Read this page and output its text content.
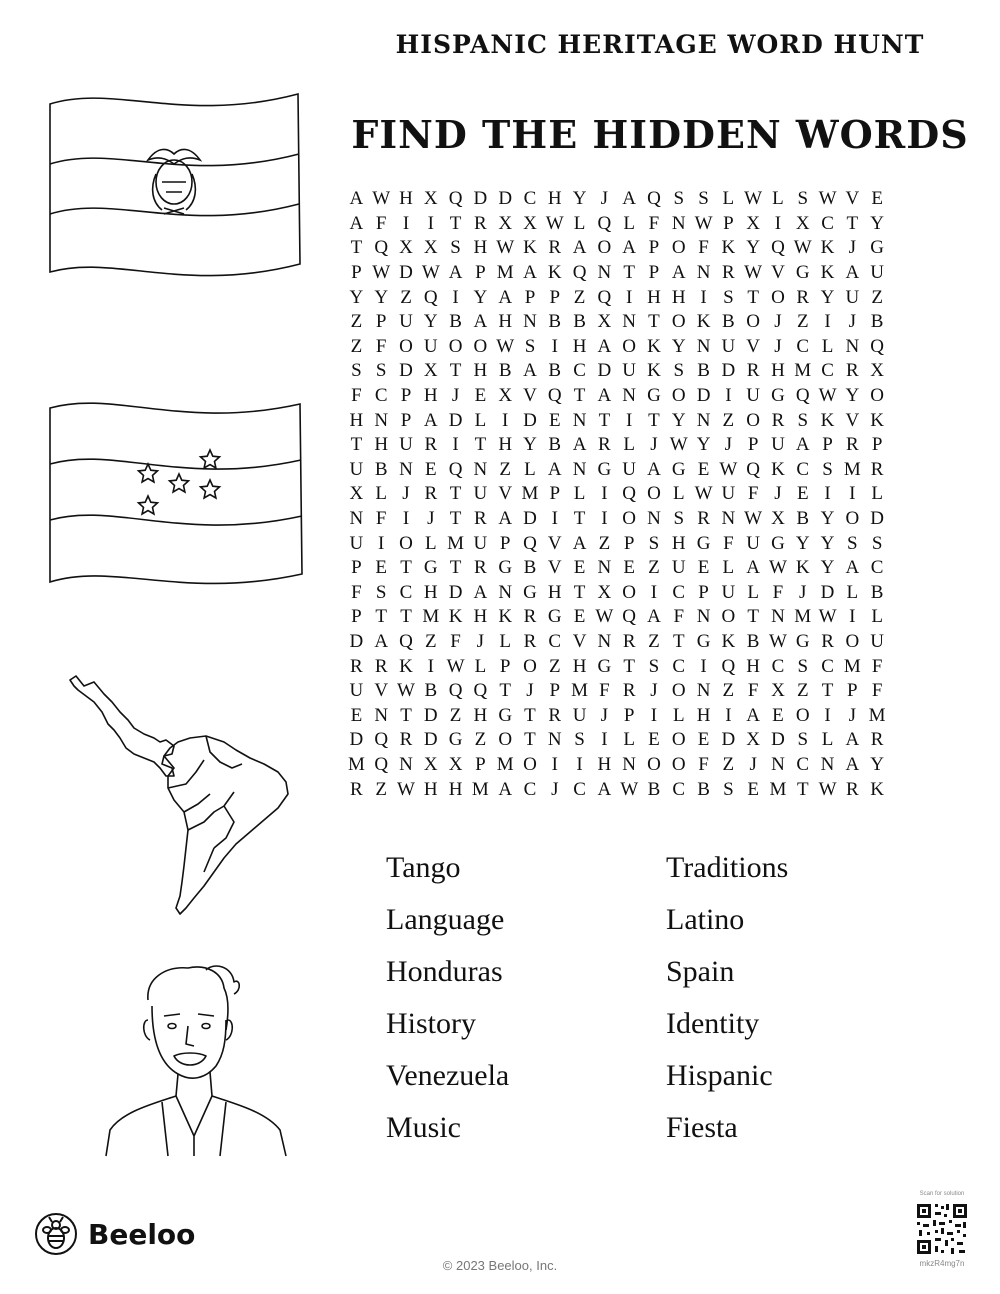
HISPANIC HERITAGE WORD HUNT
FIND THE HIDDEN WORDS
A W H X Q D D C H Y J A Q S S L W L S W V E
A F I I T R X X W L Q L F N W P X I X C T Y
T Q X X S H W K R A O A P O F K Y Q W K J G
P W D W A P M A K Q N T P A N R W V G K A U
Y Y Z Q I Y A P P Z Q I H H I S T O R Y U Z
Z P U Y B A H N B B X N T O K B O J Z I J B
Z F O U O O W S I H A O K Y N U V J C L N Q
S S D X T H B A B C D U K S B D R H M C R X
F C P H J E X V Q T A N G O D I U G Q W Y O
H N P A D L I D E N T I T Y N Z O R S K V K
T H U R I T H Y B A R L J W Y J P U A P R P
U B N E Q N Z L A N G U A G E W Q K C S M R
X L J R T U V M P L I Q O L W U F J E I I L
N F I J T R A D I T I O N S R N W X B Y O D
U I O L M U P Q V A Z P S H G F U G Y Y S S
P E T G T R G B V E N E Z U E L A W K Y A C
F S C H D A N G H T X O I C P U L F J D L B
P T T M K H K R G E W Q A F N O T N M W I L
D A Q Z F J L R C V N R Z T G K B W G R O U
R R K I W L P O Z H G T S C I Q H C S C M F
U V W B Q Q T J P M F R J O N Z F X Z T P F
E N T D Z H G T R U J P I L H I A E O I J M
D Q R D G Z O T N S I L E O E D X D S L A R
M Q N X X P M O I I H N O O F Z J N C N A Y
R Z W H H M A C J C A W B C B S E M T W R K
Tango	Traditions
Language	Latino
Honduras	Spain
History	Identity
Venezuela	Hispanic
Music	Fiesta
Beeloo
© 2023 Beeloo, Inc.
Scan for solution
mkzR4mg7n
